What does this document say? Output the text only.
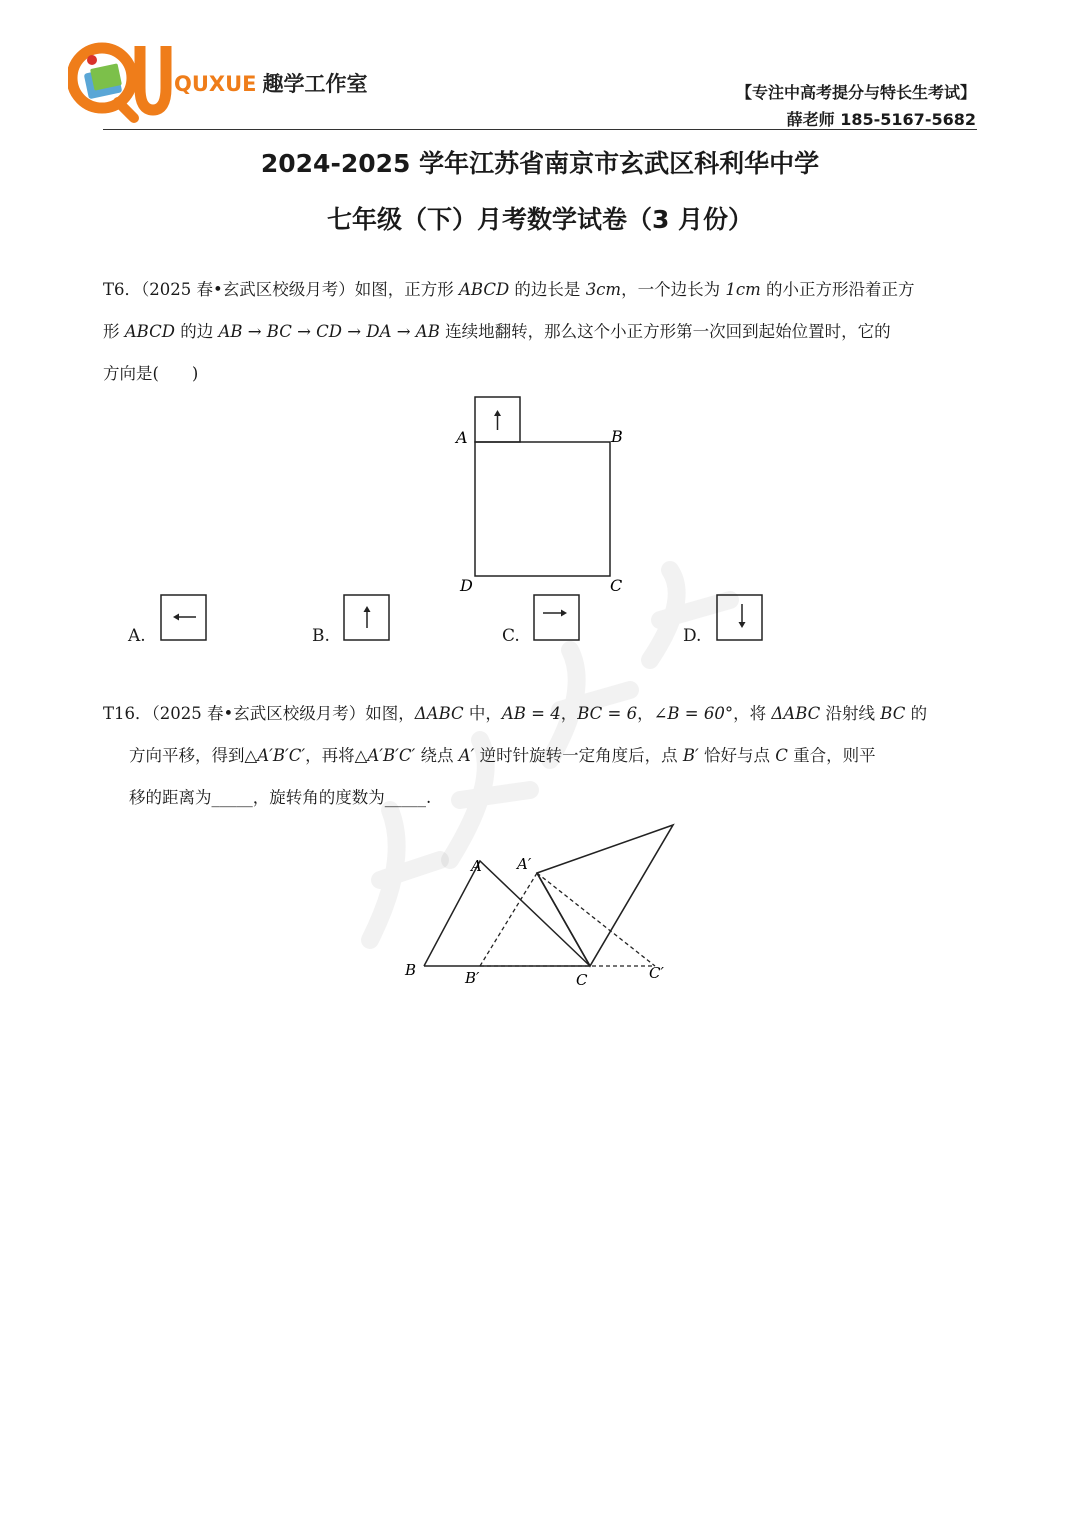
QUXUE 趣学工作室	【专注中高考提分与特长生考试】
薛老师 185-5167-5682
2024-2025 学年江苏省南京市玄武区科利华中学
七年级（下）月考数学试卷（3 月份）
T6．（2025 春•玄武区校级月考）如图，正方形 ABCD 的边长是 3cm，一个边长为 1cm 的小正方形沿着正方
形 ABCD 的边 AB → BC → CD → DA → AB 连续地翻转，那么这个小正方形第一次回到起始位置时，它的
方向是(　　)
A	B
D	C
A.	B.	C.	D.
T16．（2025 春•玄武区校级月考）如图，ΔABC 中，AB = 4，BC = 6，∠B = 60°，将 ΔABC 沿射线 BC 的
方向平移，得到△A′B′C′，再将△A′B′C′ 绕点 A′ 逆时针旋转一定角度后，点 B′ 恰好与点 C 重合，则平
移的距离为_____，旋转角的度数为_____.
A A′
B	B′	C	C′
